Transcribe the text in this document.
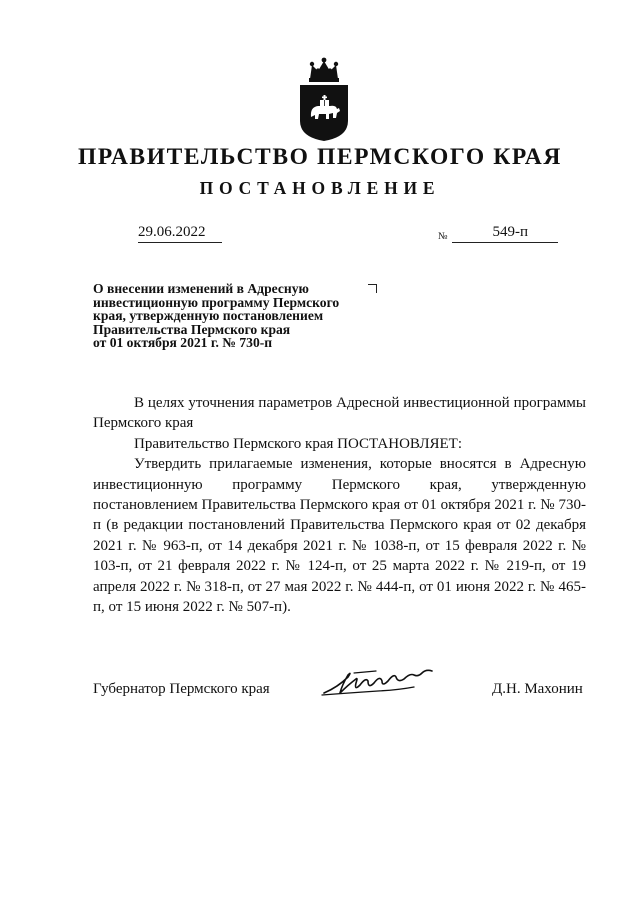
ПРАВИТЕЛЬСТВО ПЕРМСКОГО КРАЯ
ПОСТАНОВЛЕНИЕ
29.06.2022	№	549-п
О внесении изменений в Адресную
инвестиционную программу Пермского
края, утвержденную постановлением
Правительства Пермского края
от 01 октября 2021 г. № 730-п

В целях уточнения параметров Адресной инвестиционной программы Пермского края

Правительство Пермского края ПОСТАНОВЛЯЕТ:

Утвердить прилагаемые изменения, которые вносятся в Адресную инвестиционную программу Пермского края, утвержденную постановлением Правительства Пермского края от 01 октября 2021 г. № 730-п (в редакции постановлений Правительства Пермского края от 02 декабря 2021 г. № 963-п, от 14 декабря 2021 г. № 1038-п, от 15 февраля 2022 г. № 103-п, от 21 февраля 2022 г. № 124-п, от 25 марта 2022 г. № 219-п, от 19 апреля 2022 г. № 318-п, от 27 мая 2022 г. № 444-п, от 01 июня 2022 г. № 465-п, от 15 июня 2022 г. № 507-п).

Губернатор Пермского края	Д.Н. Махонин
